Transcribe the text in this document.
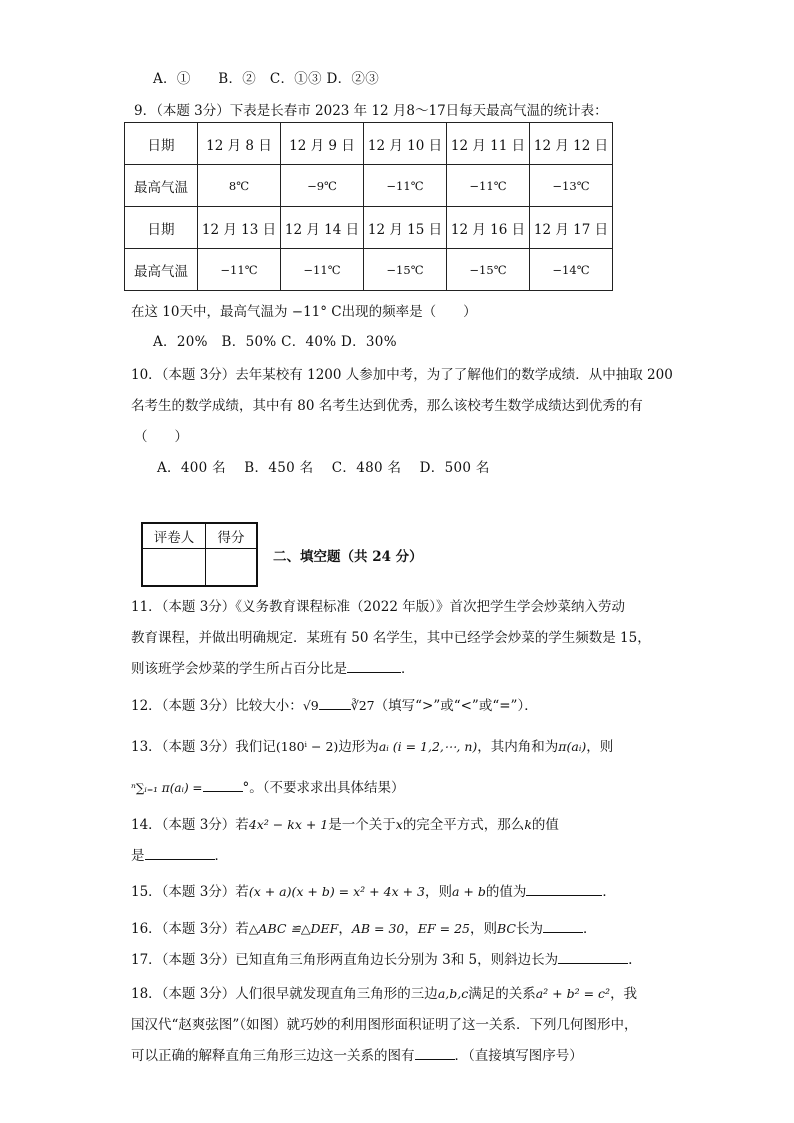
A．①　　B．②　C．①③ D．②③
9．（本题 3分）下表是长春市 2023 年 12 月8～17日每天最高气温的统计表：
日期	12 月 8 日	12 月 9 日	12 月 10 日	12 月 11 日	12 月 12 日
最高气温	8℃	−9℃	−11℃	−11℃	−13℃
日期	12 月 13 日	12 月 14 日	12 月 15 日	12 月 16 日	12 月 17 日
最高气温	−11℃	−11℃	−15℃	−15℃	−14℃
在这 10天中，最高气温为 −11° C出现的频率是（　　）
A．20%　B．50% C．40% D．30%
10．（本题 3分）去年某校有 1200 人参加中考，为了了解他们的数学成绩．从中抽取 200
名考生的数学成绩，其中有 80 名考生达到优秀，那么该校考生数学成绩达到优秀的有
（　　）
A．400 名　 B．450 名　 C．480 名　 D．500 名
评卷人	得分

二、填空题（共 24 分）
11．（本题 3分）《义务教育课程标准（2022 年版）》首次把学生学会炒菜纳入劳动
教育课程，并做出明确规定．某班有 50 名学生，其中已经学会炒菜的学生频数是 15，
则该班学会炒菜的学生所占百分比是	．
12．（本题 3分）比较大小：√9	∛27（填写“>”或“<”或“=”）．
13．（本题 3分）我们记(180ⁱ − 2)边形为aᵢ (i = 1,2,⋯, n)，其内角和为π(aᵢ)，则
ⁿ∑ᵢ₌₁ π(aᵢ) =	°。（不要求求出具体结果）
14．（本题 3分）若4x² − kx + 1是一个关于x的完全平方式，那么k的值
是	．
15．（本题 3分）若(x + a)(x + b) = x² + 4x + 3，则a + b的值为	．
16．（本题 3分）若△ABC ≌△DEF，AB = 30，EF = 25，则BC长为	．
17．（本题 3分）已知直角三角形两直角边长分别为 3和 5，则斜边长为	.
18．（本题 3分）人们很早就发现直角三角形的三边a,b,c满足的关系a² + b² = c²，我
国汉代“赵爽弦图”（如图）就巧妙的利用图形面积证明了这一关系．下列几何图形中，
可以正确的解释直角三角形三边这一关系的图有	．（直接填写图序号）
